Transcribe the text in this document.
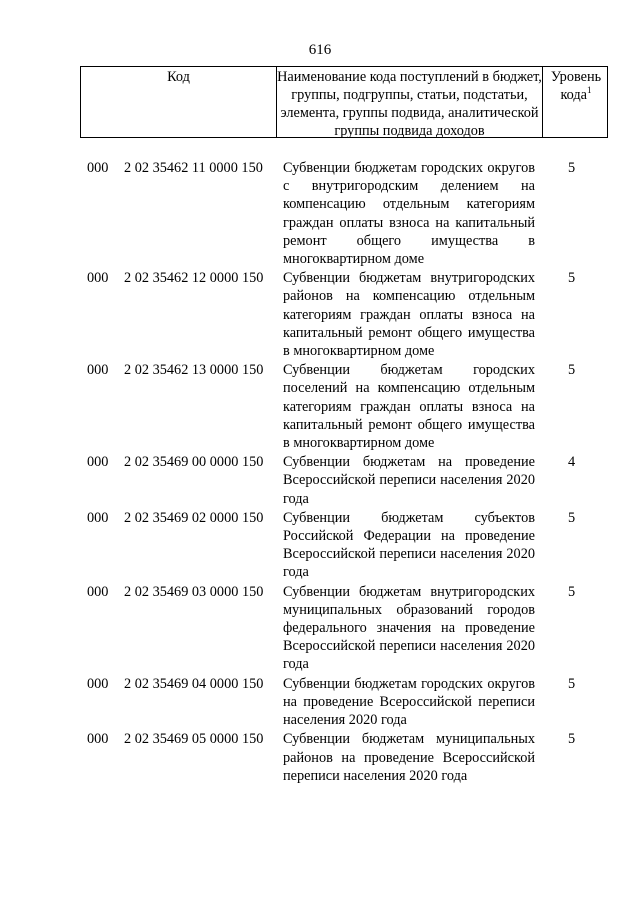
616
Код	Наименование кода поступлений в бюджет, группы, подгруппы, статьи, подстатьи, элемента, группы подвида, аналитической группы подвида доходов
Уровень кода$^1$
000 2 02 35462 11 0000 150 Субвенции бюджетам городских округов с внутригородским делением на компенсацию отдельным категориям граждан оплаты взноса на капитальный ремонт общего имущества в многоквартирном доме
5
000 2 02 35462 12 0000 150 Субвенции бюджетам внутригородских районов на компенсацию отдельным категориям граждан оплаты взноса на капитальный ремонт общего имущества в многоквартирном доме
5
000 2 02 35462 13 0000 150 Субвенции бюджетам городских поселений на компенсацию отдельным категориям граждан оплаты взноса на капитальный ремонт общего имущества в многоквартирном доме
5
000 2 02 35469 00 0000 150 Субвенции бюджетам на проведение Всероссийской переписи населения 2020 года
4
000 2 02 35469 02 0000 150 Субвенции бюджетам субъектов Российской Федерации на проведение Всероссийской переписи населения 2020 года
5
000 2 02 35469 03 0000 150 Субвенции бюджетам внутригородских муниципальных образований городов федерального значения на проведение Всероссийской переписи населения 2020 года
5
000 2 02 35469 04 0000 150 Субвенции бюджетам городских округов на проведение Всероссийской переписи населения 2020 года
5
000 2 02 35469 05 0000 150 Субвенции бюджетам муниципальных районов на проведение Всероссийской переписи населения 2020 года
5
